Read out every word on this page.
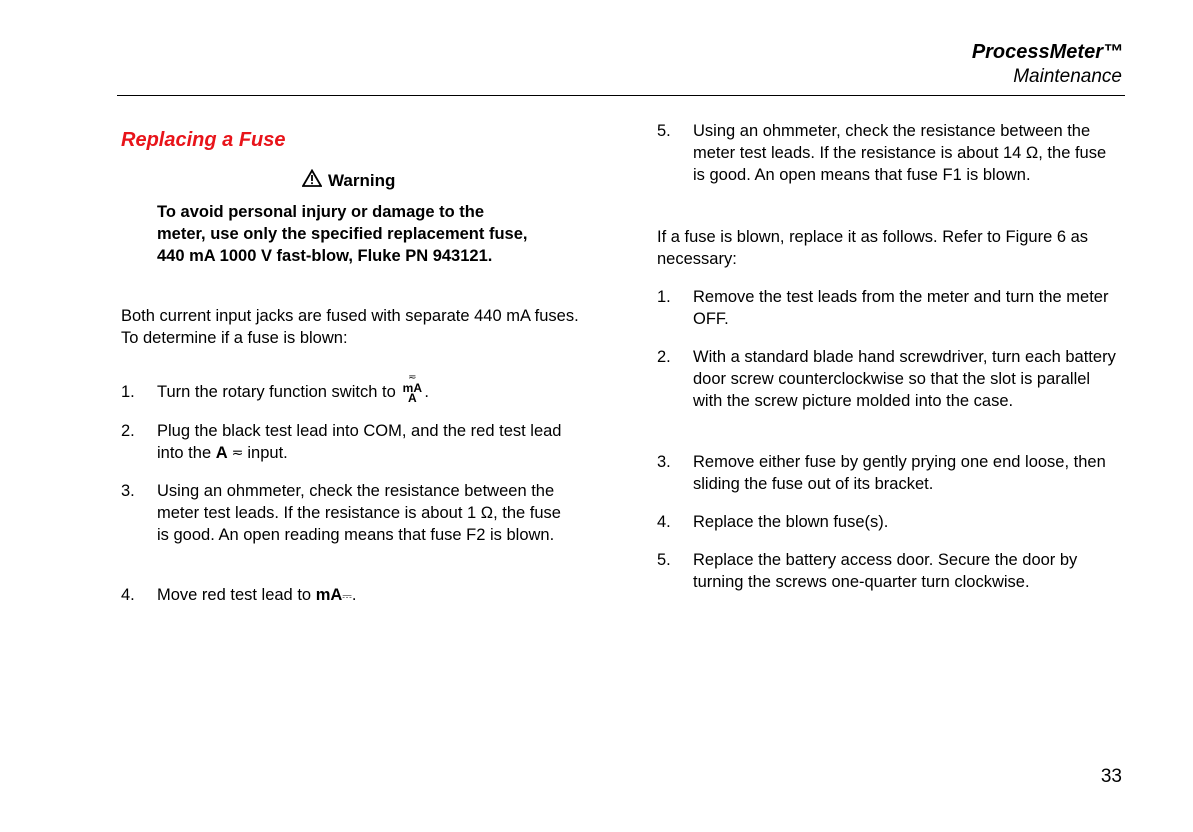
ProcessMeter™
Maintenance
Replacing a Fuse
Warning
To avoid personal injury or damage to the meter, use only the specified replacement fuse, 440 mA 1000 V fast-blow, Fluke PN 943121.
Both current input jacks are fused with separate 440 mA fuses. To determine if a fuse is blown:
1. Turn the rotary function switch to
≂
mA
A .
2. Plug the black test lead into COM, and the red test lead into the A ≂ input.
3. Using an ohmmeter, check the resistance between the meter test leads. If the resistance is about 1 Ω, the fuse is good. An open reading means that fuse F2 is blown.
4. Move red test lead to mA⎓.
5. Using an ohmmeter, check the resistance between the meter test leads. If the resistance is about 14 Ω, the fuse is good. An open means that fuse F1 is blown.
If a fuse is blown, replace it as follows. Refer to Figure 6 as necessary:
1. Remove the test leads from the meter and turn the meter OFF.
2. With a standard blade hand screwdriver, turn each battery door screw counterclockwise so that the slot is parallel with the screw picture molded into the case.
3. Remove either fuse by gently prying one end loose, then sliding the fuse out of its bracket.
4. Replace the blown fuse(s).
5. Replace the battery access door. Secure the door by turning the screws one-quarter turn clockwise.
33
